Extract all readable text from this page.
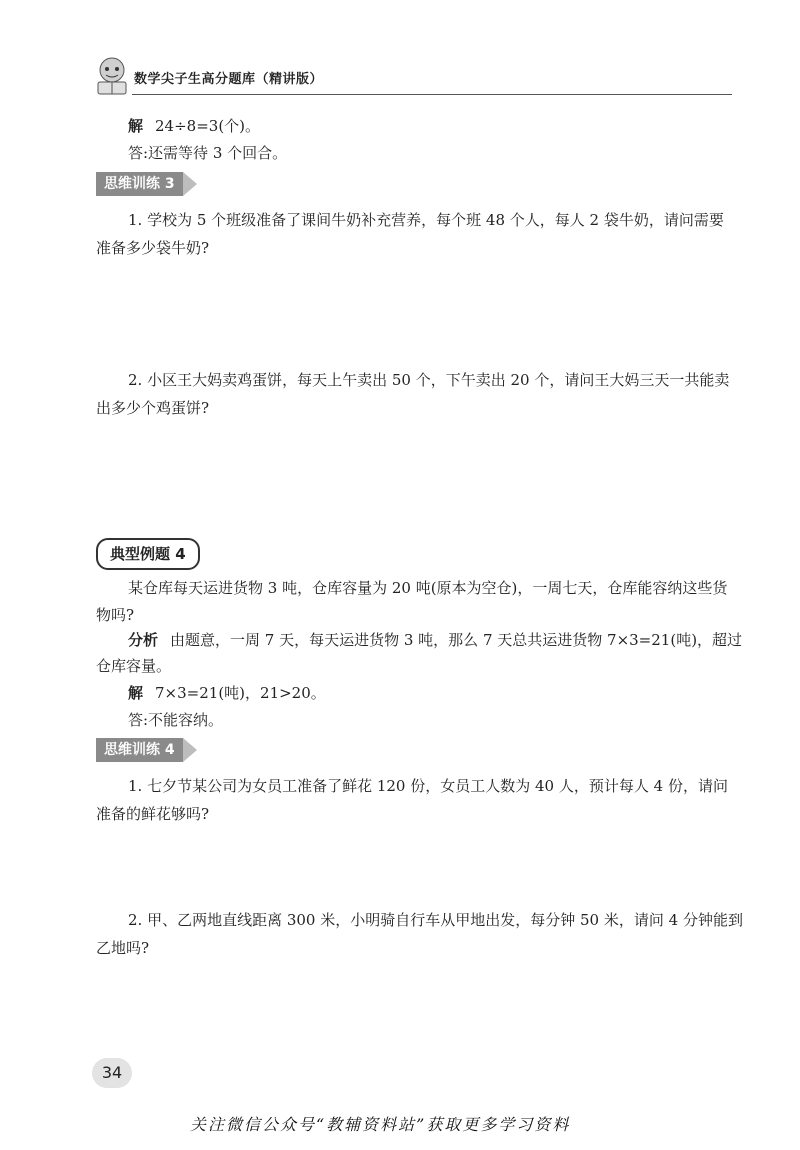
数学尖子生高分题库（精讲版）
解 24÷8=3(个)。
答:还需等待 3 个回合。
思维训练 3
1. 学校为 5 个班级准备了课间牛奶补充营养，每个班 48 个人，每人 2 袋牛奶，请问需要
准备多少袋牛奶?
2. 小区王大妈卖鸡蛋饼，每天上午卖出 50 个，下午卖出 20 个，请问王大妈三天一共能卖
出多少个鸡蛋饼?
典型例题 4
某仓库每天运进货物 3 吨，仓库容量为 20 吨(原本为空仓)，一周七天，仓库能容纳这些货
物吗?
分析 由题意，一周 7 天，每天运进货物 3 吨，那么 7 天总共运进货物 7×3=21(吨)，超过
仓库容量。
解 7×3=21(吨)，21>20。
答:不能容纳。
思维训练 4
1. 七夕节某公司为女员工准备了鲜花 120 份，女员工人数为 40 人，预计每人 4 份，请问
准备的鲜花够吗?
2. 甲、乙两地直线距离 300 米，小明骑自行车从甲地出发，每分钟 50 米，请问 4 分钟能到
乙地吗?
34
关注微信公众号“教辅资料站”获取更多学习资料
